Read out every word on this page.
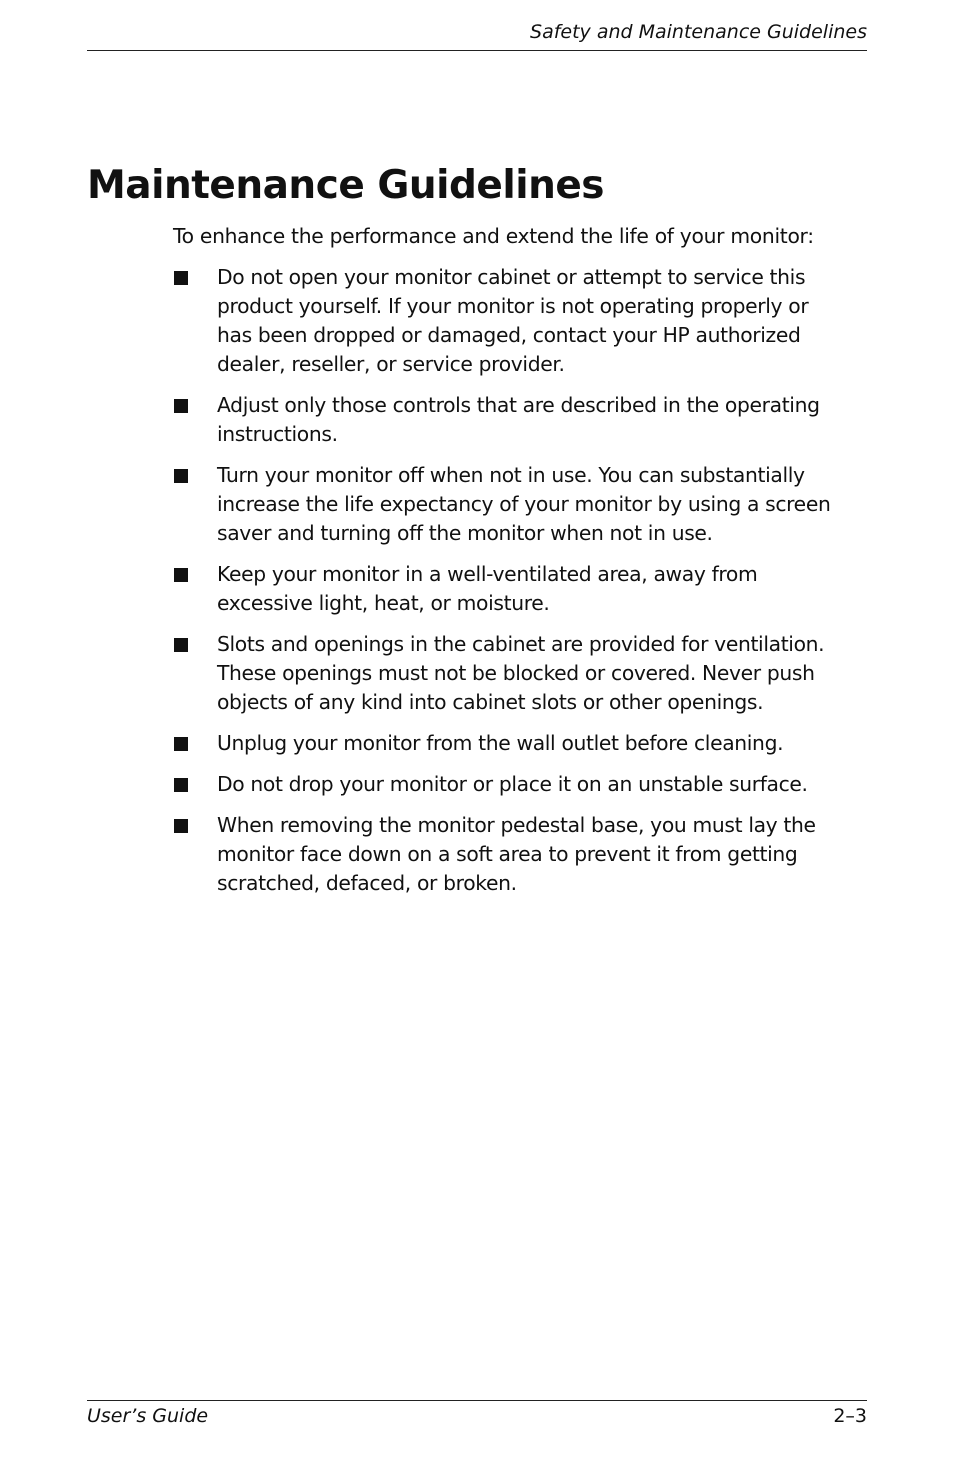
Safety and Maintenance Guidelines
Maintenance Guidelines

To enhance the performance and extend the life of your monitor:

Do not open your monitor cabinet or attempt to service this
product yourself. If your monitor is not operating properly or
has been dropped or damaged, contact your HP authorized
dealer, reseller, or service provider.
Adjust only those controls that are described in the operating
instructions.
Turn your monitor off when not in use. You can substantially
increase the life expectancy of your monitor by using a screen
saver and turning off the monitor when not in use.
Keep your monitor in a well-ventilated area, away from
excessive light, heat, or moisture.
Slots and openings in the cabinet are provided for ventilation.
These openings must not be blocked or covered. Never push
objects of any kind into cabinet slots or other openings.
Unplug your monitor from the wall outlet before cleaning.
Do not drop your monitor or place it on an unstable surface.
When removing the monitor pedestal base, you must lay the
monitor face down on a soft area to prevent it from getting
scratched, defaced, or broken.
User’s Guide	2–3
